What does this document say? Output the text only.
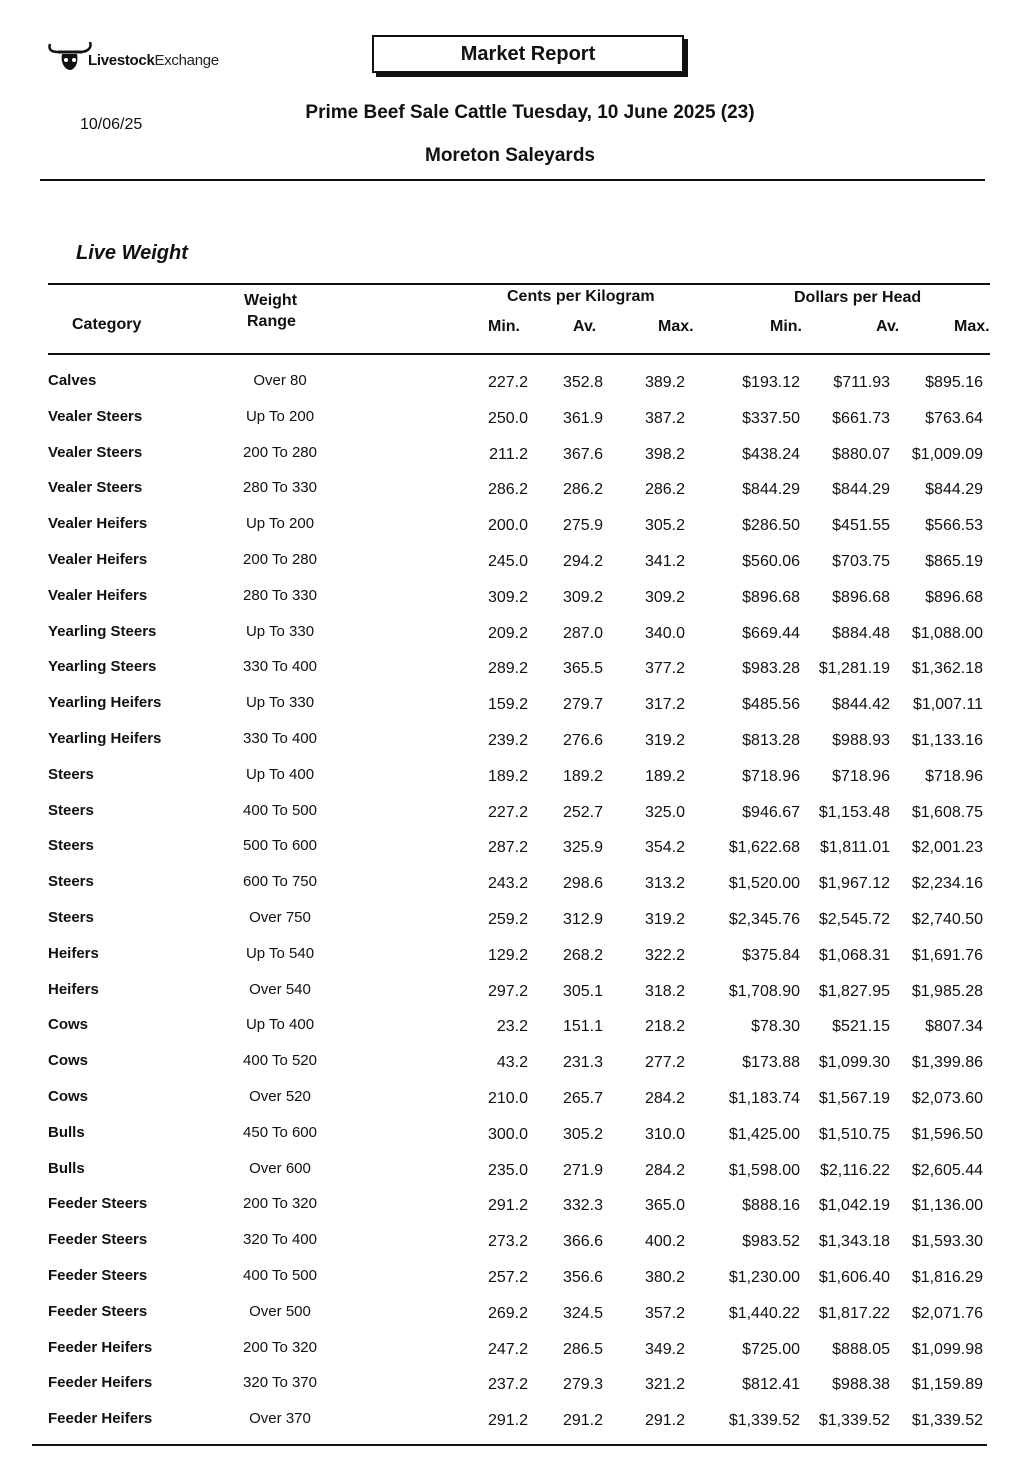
LivestockExchange	Market Report
10/06/25
Prime Beef Sale Cattle Tuesday, 10 June 2025 (23)
Moreton Saleyards
Live Weight
Category
Weight
Range
Cents per Kilogram	Dollars per Head
Min.	Av.	Max.	Min.	Av.	Max.
Calves	Over 80	227.2	352.8	389.2	$193.12	$711.93	$895.16
Vealer Steers	Up To 200	250.0	361.9	387.2	$337.50	$661.73	$763.64
Vealer Steers	200 To 280	211.2	367.6	398.2	$438.24	$880.07	$1,009.09
Vealer Steers	280 To 330	286.2	286.2	286.2	$844.29	$844.29	$844.29
Vealer Heifers	Up To 200	200.0	275.9	305.2	$286.50	$451.55	$566.53
Vealer Heifers	200 To 280	245.0	294.2	341.2	$560.06	$703.75	$865.19
Vealer Heifers	280 To 330	309.2	309.2	309.2	$896.68	$896.68	$896.68
Yearling Steers	Up To 330	209.2	287.0	340.0	$669.44	$884.48	$1,088.00
Yearling Steers	330 To 400	289.2	365.5	377.2	$983.28	$1,281.19	$1,362.18
Yearling Heifers	Up To 330	159.2	279.7	317.2	$485.56	$844.42	$1,007.11
Yearling Heifers	330 To 400	239.2	276.6	319.2	$813.28	$988.93	$1,133.16
Steers	Up To 400	189.2	189.2	189.2	$718.96	$718.96	$718.96
Steers	400 To 500	227.2	252.7	325.0	$946.67	$1,153.48	$1,608.75
Steers	500 To 600	287.2	325.9	354.2	$1,622.68	$1,811.01	$2,001.23
Steers	600 To 750	243.2	298.6	313.2	$1,520.00	$1,967.12	$2,234.16
Steers	Over 750	259.2	312.9	319.2	$2,345.76	$2,545.72	$2,740.50
Heifers	Up To 540	129.2	268.2	322.2	$375.84	$1,068.31	$1,691.76
Heifers	Over 540	297.2	305.1	318.2	$1,708.90	$1,827.95	$1,985.28
Cows	Up To 400	23.2	151.1	218.2	$78.30	$521.15	$807.34
Cows	400 To 520	43.2	231.3	277.2	$173.88	$1,099.30	$1,399.86
Cows	Over 520	210.0	265.7	284.2	$1,183.74	$1,567.19	$2,073.60
Bulls	450 To 600	300.0	305.2	310.0	$1,425.00	$1,510.75	$1,596.50
Bulls	Over 600	235.0	271.9	284.2	$1,598.00	$2,116.22	$2,605.44
Feeder Steers	200 To 320	291.2	332.3	365.0	$888.16	$1,042.19	$1,136.00
Feeder Steers	320 To 400	273.2	366.6	400.2	$983.52	$1,343.18	$1,593.30
Feeder Steers	400 To 500	257.2	356.6	380.2	$1,230.00	$1,606.40	$1,816.29
Feeder Steers	Over 500	269.2	324.5	357.2	$1,440.22	$1,817.22	$2,071.76
Feeder Heifers	200 To 320	247.2	286.5	349.2	$725.00	$888.05	$1,099.98
Feeder Heifers	320 To 370	237.2	279.3	321.2	$812.41	$988.38	$1,159.89
Feeder Heifers	Over 370	291.2	291.2	291.2	$1,339.52	$1,339.52	$1,339.52
